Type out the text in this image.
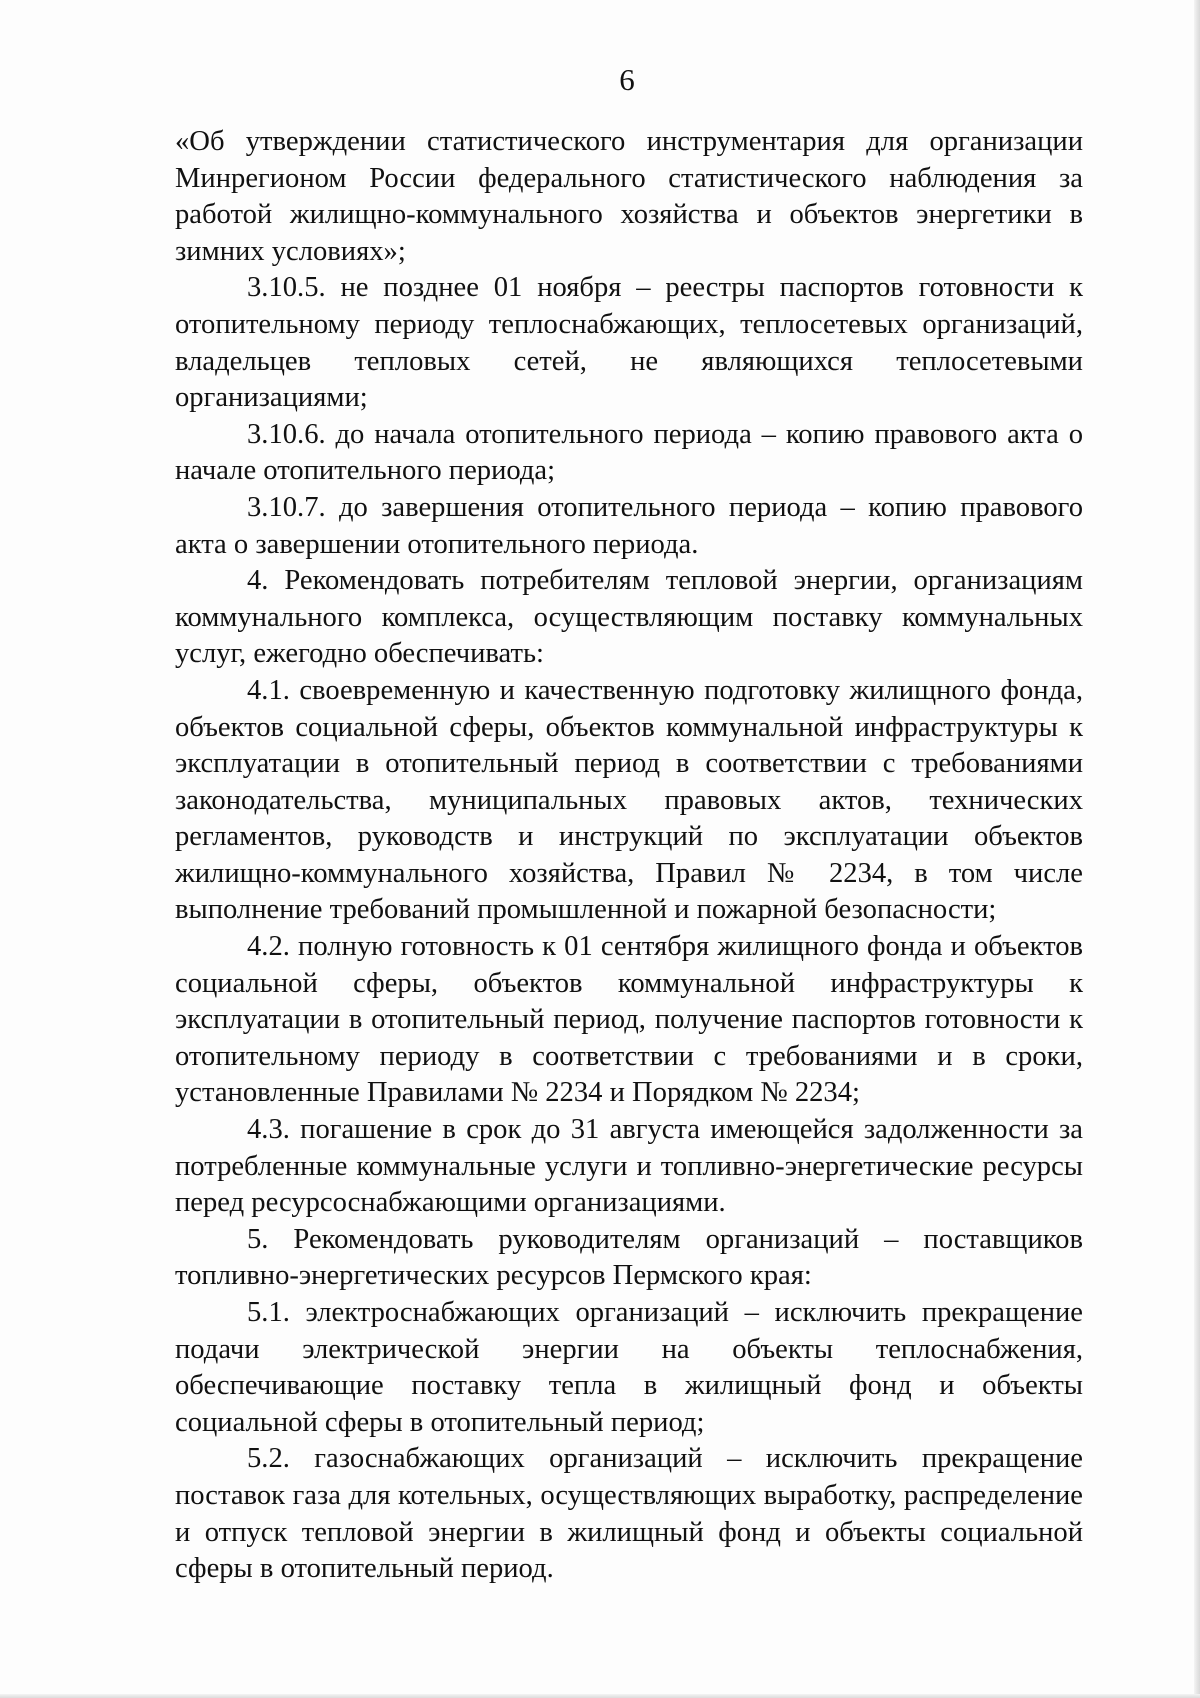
6

«Об утверждении статистического инструментария для организации Минрегионом России федерального статистического наблюдения за работой жилищно-коммунального хозяйства и объектов энергетики в зимних условиях»;

3.10.5. не позднее 01 ноября – реестры паспортов готовности к отопительному периоду теплоснабжающих, теплосетевых организаций, владельцев тепловых сетей, не являющихся теплосетевыми организациями;

3.10.6. до начала отопительного периода – копию правового акта о начале отопительного периода;

3.10.7. до завершения отопительного периода – копию правового акта о завершении отопительного периода.

4. Рекомендовать потребителям тепловой энергии, организациям коммунального комплекса, осуществляющим поставку коммунальных услуг, ежегодно обеспечивать:

4.1. своевременную и качественную подготовку жилищного фонда, объектов социальной сферы, объектов коммунальной инфраструктуры к эксплуатации в отопительный период в соответствии с требованиями законодательства, муниципальных правовых актов, технических регламентов, руководств и инструкций по эксплуатации объектов жилищно-коммунального хозяйства, Правил № 2234, в том числе выполнение требований промышленной и пожарной безопасности;

4.2. полную готовность к 01 сентября жилищного фонда и объектов социальной сферы, объектов коммунальной инфраструктуры к эксплуатации в отопительный период, получение паспортов готовности к отопительному периоду в соответствии с требованиями и в сроки, установленные Правилами № 2234 и Порядком № 2234;

4.3. погашение в срок до 31 августа имеющейся задолженности за потребленные коммунальные услуги и топливно-энергетические ресурсы перед ресурсоснабжающими организациями.

5. Рекомендовать руководителям организаций – поставщиков топливно-энергетических ресурсов Пермского края:

5.1. электроснабжающих организаций – исключить прекращение подачи электрической энергии на объекты теплоснабжения, обеспечивающие поставку тепла в жилищный фонд и объекты социальной сферы в отопительный период;

5.2. газоснабжающих организаций – исключить прекращение поставок газа для котельных, осуществляющих выработку, распределение и отпуск тепловой энергии в жилищный фонд и объекты социальной сферы в отопительный период.
